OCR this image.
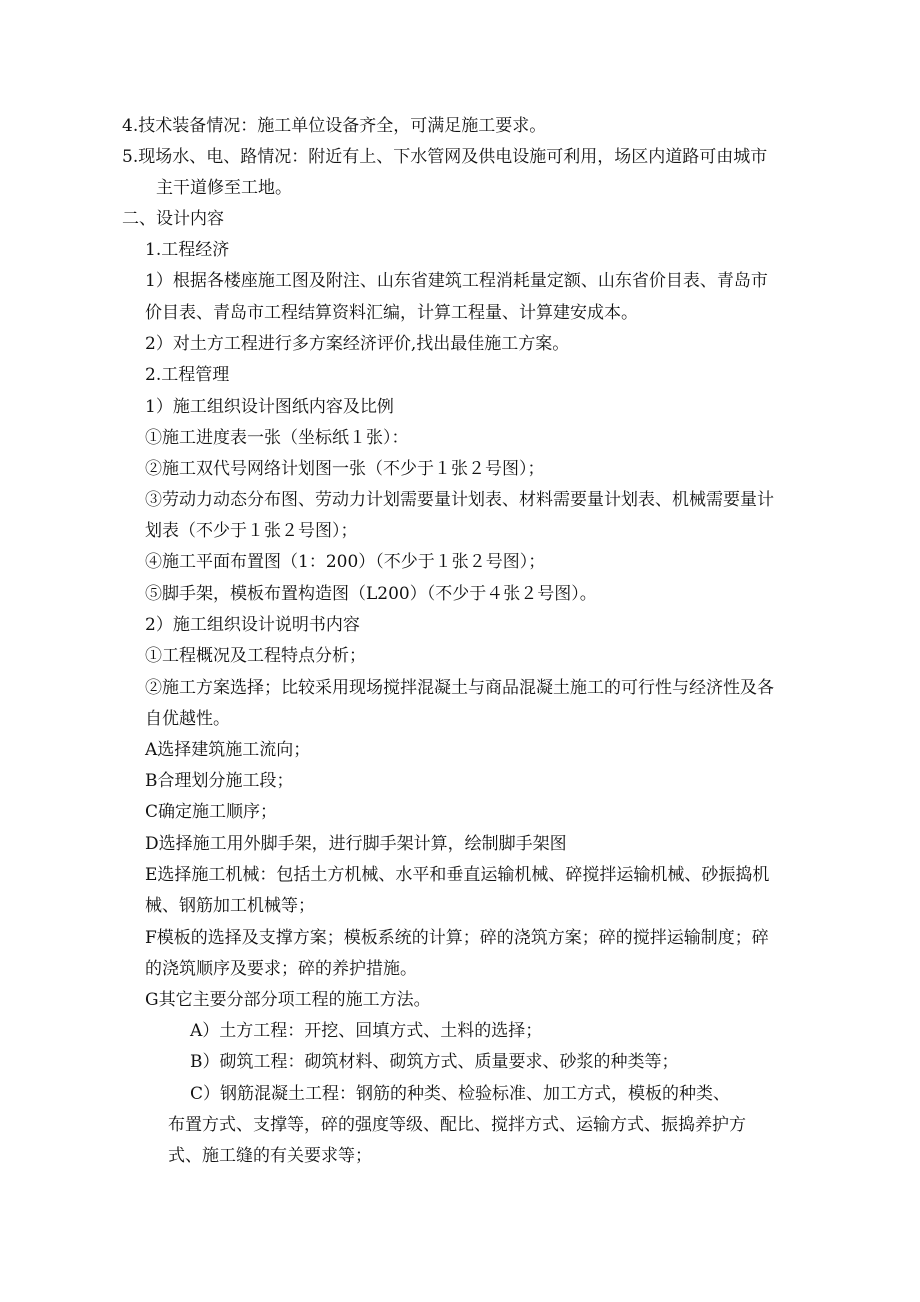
4.技术装备情况：施工单位设备齐全，可满足施工要求。
5.现场水、电、路情况：附近有上、下水管网及供电设施可利用，场区内道路可由城市
主干道修至工地。
二、设计内容
1.工程经济
1）根据各楼座施工图及附注、山东省建筑工程消耗量定额、山东省价目表、青岛市
价目表、青岛市工程结算资料汇编，计算工程量、计算建安成本。
2）对土方工程进行多方案经济评价,找出最佳施工方案。
2.工程管理
1）施工组织设计图纸内容及比例
①施工进度表一张（坐标纸１张）：
②施工双代号网络计划图一张（不少于１张２号图）；
③劳动力动态分布图、劳动力计划需要量计划表、材料需要量计划表、机械需要量计
划表（不少于１张２号图）；
④施工平面布置图（1：200）（不少于１张２号图）；
⑤脚手架，模板布置构造图（L200）（不少于４张２号图）。
2）施工组织设计说明书内容
①工程概况及工程特点分析；
②施工方案选择；比较采用现场搅拌混凝土与商品混凝土施工的可行性与经济性及各
自优越性。
A选择建筑施工流向；
B合理划分施工段；
C确定施工顺序；
D选择施工用外脚手架，进行脚手架计算，绘制脚手架图
E选择施工机械：包括土方机械、水平和垂直运输机械、碎搅拌运输机械、砂振捣机
械、钢筋加工机械等；
F模板的选择及支撑方案；模板系统的计算；碎的浇筑方案；碎的搅拌运输制度；碎
的浇筑顺序及要求；碎的养护措施。
G其它主要分部分项工程的施工方法。
A）土方工程：开挖、回填方式、土料的选择；
B）砌筑工程：砌筑材料、砌筑方式、质量要求、砂浆的种类等；
C）钢筋混凝土工程：钢筋的种类、检验标准、加工方式，模板的种类、
布置方式、支撑等，碎的强度等级、配比、搅拌方式、运输方式、振捣养护方
式、施工缝的有关要求等；
